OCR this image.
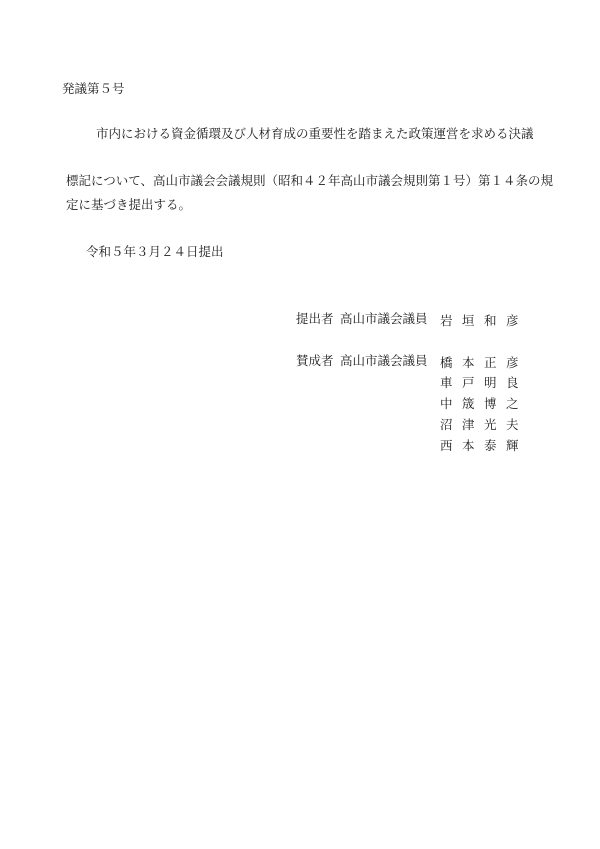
発議第５号
市内における資金循環及び人材育成の重要性を踏まえた政策運営を求める決議
標記について、高山市議会会議規則（昭和４２年高山市議会規則第１号）第１４条の規
定に基づき提出する。
令和５年３月２４日提出
提出者 高山市議会議員 岩 垣 和 彦
賛成者 高山市議会議員 橋 本 正 彦
車 戸 明 良
中 筬 博 之
沼 津 光 夫
西 本 泰 輝
